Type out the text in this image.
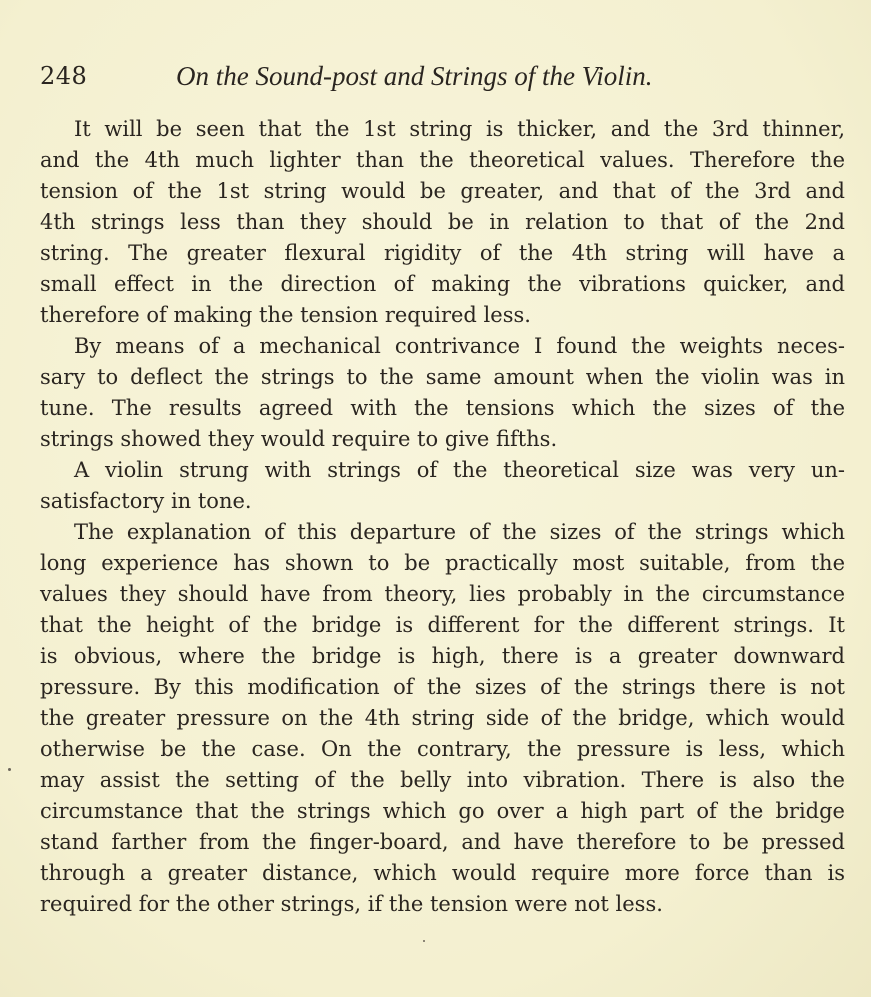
248	On the Sound-post and Strings of the Violin.
It will be seen that the 1st string is thicker, and the 3rd thinner,
and the 4th much lighter than the theoretical values. Therefore the
tension of the 1st string would be greater, and that of the 3rd and
4th strings less than they should be in relation to that of the 2nd
string. The greater flexural rigidity of the 4th string will have a
small effect in the direction of making the vibrations quicker, and
therefore of making the tension required less.
By means of a mechanical contrivance I found the weights neces-
sary to deflect the strings to the same amount when the violin was in
tune. The results agreed with the tensions which the sizes of the
strings showed they would require to give fifths.
A violin strung with strings of the theoretical size was very un-
satisfactory in tone.
The explanation of this departure of the sizes of the strings which
long experience has shown to be practically most suitable, from the
values they should have from theory, lies probably in the circumstance
that the height of the bridge is different for the different strings. It
is obvious, where the bridge is high, there is a greater downward
pressure. By this modification of the sizes of the strings there is not
the greater pressure on the 4th string side of the bridge, which would
otherwise be the case. On the contrary, the pressure is less, which
may assist the setting of the belly into vibration. There is also the
circumstance that the strings which go over a high part of the bridge
stand farther from the finger-board, and have therefore to be pressed
through a greater distance, which would require more force than is
required for the other strings, if the tension were not less.
